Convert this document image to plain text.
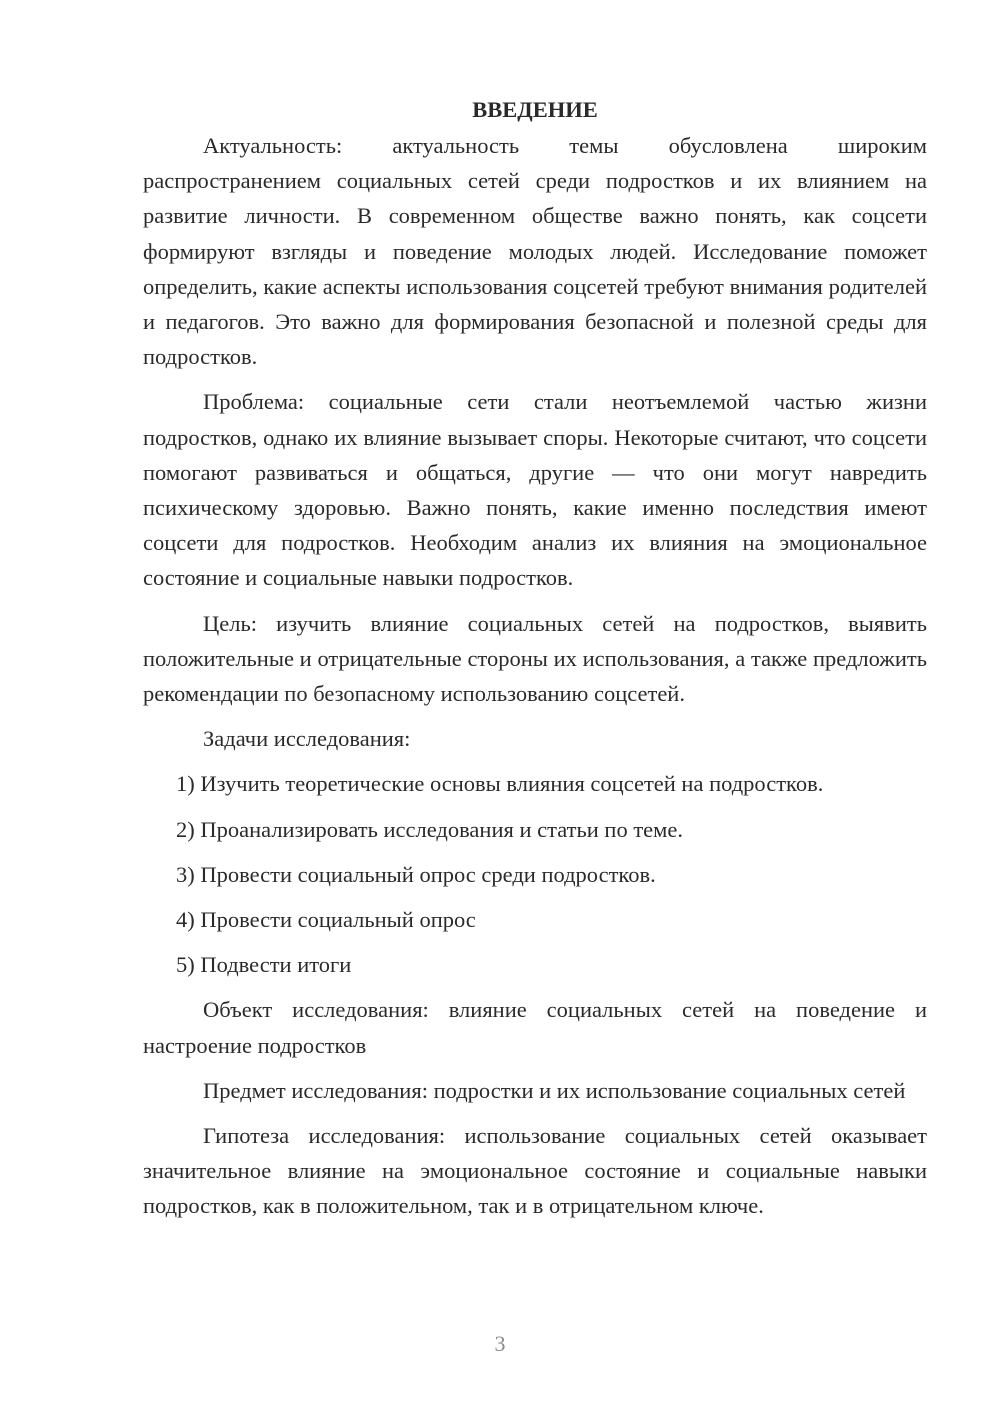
ВВЕДЕНИЕ

Актуальность: актуальность темы обусловлена широким распространением социальных сетей среди подростков и их влиянием на развитие личности. В современном обществе важно понять, как соцсети формируют взгляды и поведение молодых людей. Исследование поможет определить, какие аспекты использования соцсетей требуют внимания родителей и педагогов. Это важно для формирования безопасной и полезной среды для подростков.

Проблема: социальные сети стали неотъемлемой частью жизни подростков, однако их влияние вызывает споры. Некоторые считают, что соцсети помогают развиваться и общаться, другие — что они могут навредить психическому здоровью. Важно понять, какие именно последствия имеют соцсети для подростков. Необходим анализ их влияния на эмоциональное состояние и социальные навыки подростков.

Цель: изучить влияние социальных сетей на подростков, выявить положительные и отрицательные стороны их использования, а также предложить рекомендации по безопасному использованию соцсетей.

Задачи исследования:

1) Изучить теоретические основы влияния соцсетей на подростков.

2) Проанализировать исследования и статьи по теме.

3) Провести социальный опрос среди подростков.

4) Провести социальный опрос

5) Подвести итоги

Объект исследования: влияние социальных сетей на поведение и настроение подростков

Предмет исследования: подростки и их использование социальных сетей

Гипотеза исследования: использование социальных сетей оказывает значительное влияние на эмоциональное состояние и социальные навыки подростков, как в положительном, так и в отрицательном ключе.

3
